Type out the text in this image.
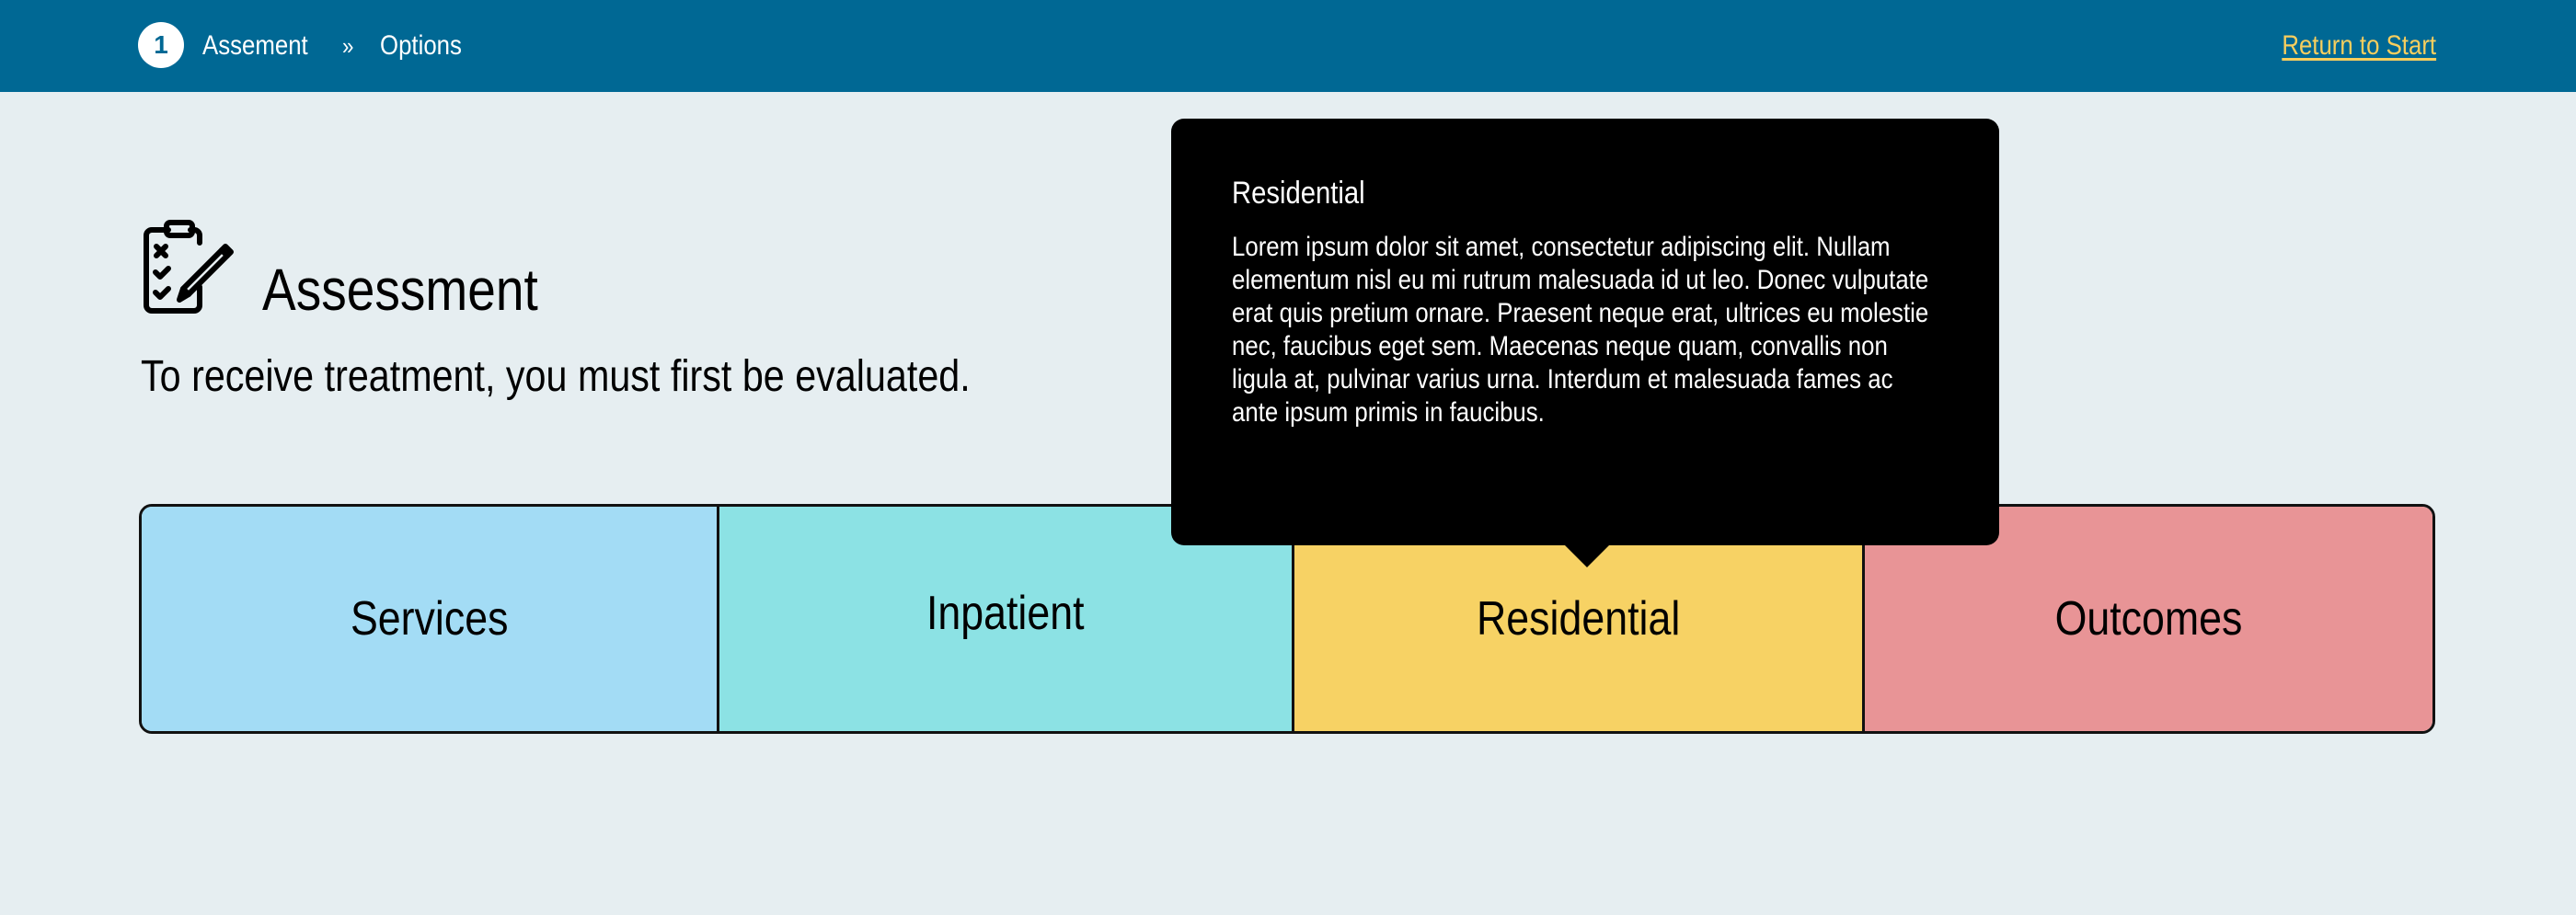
1	Assement » Options	Return to Start
Assessment
To receive treatment, you must first be evaluated.
Services	Inpatient	Residential	Outcomes
Residential
Lorem ipsum dolor sit amet, consectetur adipiscing elit. Nullam elementum nisl eu mi rutrum malesuada id ut leo. Donec vulputate erat quis pretium ornare. Praesent neque erat, ultrices eu molestie nec, faucibus eget sem. Maecenas neque quam, convallis non ligula at, pulvinar varius urna. Interdum et malesuada fames ac ante ipsum primis in faucibus.
